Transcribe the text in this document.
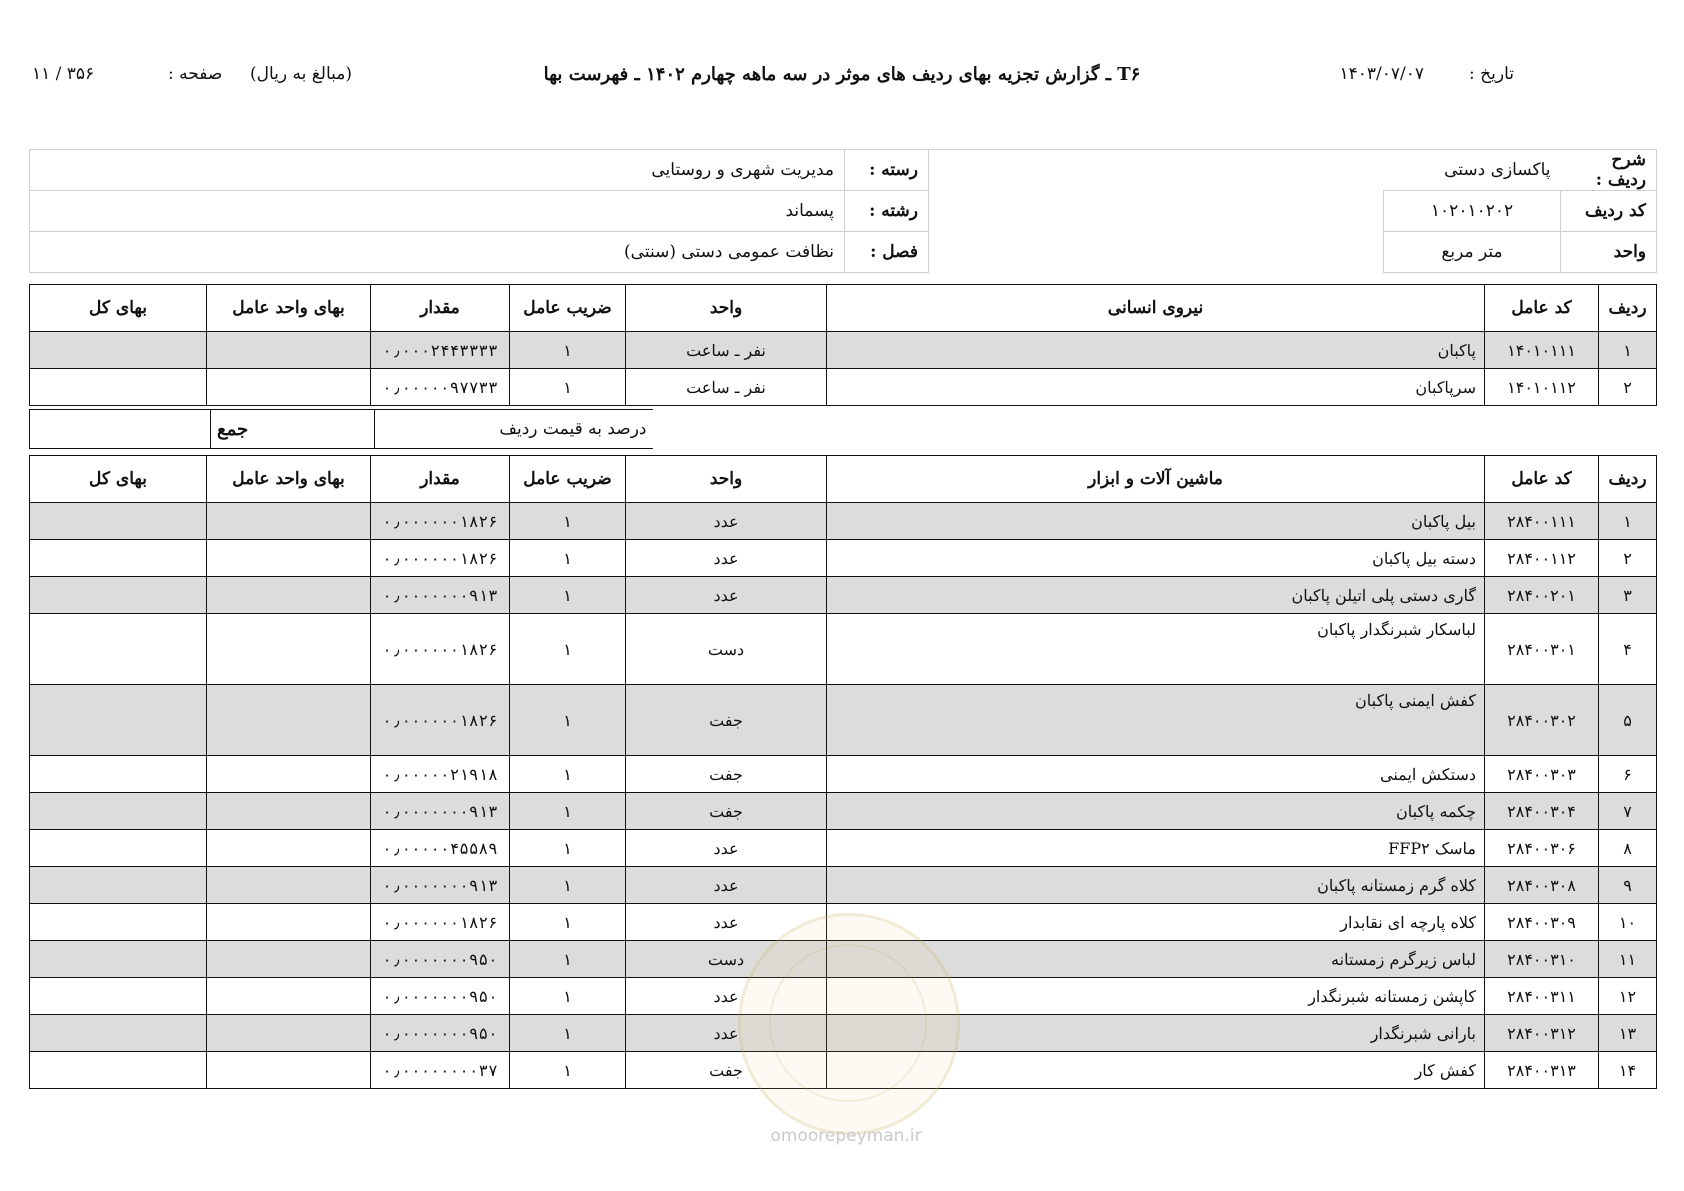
T۶ ـ گزارش تجزیه بهای ردیف های موثر در سه ماهه چهارم ۱۴۰۲ ـ فهرست بها	تاریخ :
۱۴۰۳/۰۷/۰۷
(مبالغ به ریال)
صفحه :
۱۱ / ۳۵۶
شرح ردیف :	پاکسازی دستی		رسته :	مدیریت شهری و روستایی
کد ردیف	۱۰۲۰۱۰۲۰۲		رشته :	پسماند
واحد	متر مربع		فصل :	نظافت عمومی دستی (سنتی)
ردیف	کد عامل	نیروی انسانی	واحد	ضریب عامل	مقدار	بهای واحد عامل	بهای کل
۱	۱۴۰۱۰۱۱۱	پاکبان	نفر ـ ساعت	۱	۰٫۰۰۰۲۴۴۳۳۳۳		
۲	۱۴۰۱۰۱۱۲	سرپاکبان	نفر ـ ساعت	۱	۰٫۰۰۰۰۰۹۷۷۳۳		
	جمع	درصد به قیمت ردیف
ردیف	کد عامل	ماشین آلات و ابزار	واحد	ضریب عامل	مقدار	بهای واحد عامل	بهای کل
۱	۲۸۴۰۰۱۱۱	بیل پاکبان	عدد	۱	۰٫۰۰۰۰۰۰۱۸۲۶		
۲	۲۸۴۰۰۱۱۲	دسته بیل پاکبان	عدد	۱	۰٫۰۰۰۰۰۰۱۸۲۶		
۳	۲۸۴۰۰۲۰۱	گاری دستی پلی اتیلن پاکبان	عدد	۱	۰٫۰۰۰۰۰۰۰۹۱۳		
۴	۲۸۴۰۰۳۰۱	لباسکار شبرنگدار پاکبان	دست	۱	۰٫۰۰۰۰۰۰۱۸۲۶		
۵	۲۸۴۰۰۳۰۲	کفش ایمنی پاکبان	جفت	۱	۰٫۰۰۰۰۰۰۱۸۲۶		
۶	۲۸۴۰۰۳۰۳	دستکش ایمنی	جفت	۱	۰٫۰۰۰۰۰۲۱۹۱۸		
۷	۲۸۴۰۰۳۰۴	چکمه پاکبان	جفت	۱	۰٫۰۰۰۰۰۰۰۹۱۳		
۸	۲۸۴۰۰۳۰۶	ماسک FFP۲	عدد	۱	۰٫۰۰۰۰۰۴۵۵۸۹		
۹	۲۸۴۰۰۳۰۸	کلاه گرم زمستانه پاکبان	عدد	۱	۰٫۰۰۰۰۰۰۰۹۱۳		
۱۰	۲۸۴۰۰۳۰۹	کلاه پارچه ای نقابدار	عدد	۱	۰٫۰۰۰۰۰۰۱۸۲۶		
۱۱	۲۸۴۰۰۳۱۰	لباس زیرگرم زمستانه	دست	۱	۰٫۰۰۰۰۰۰۰۹۵۰		
۱۲	۲۸۴۰۰۳۱۱	کاپشن زمستانه شبرنگدار	عدد	۱	۰٫۰۰۰۰۰۰۰۹۵۰		
۱۳	۲۸۴۰۰۳۱۲	بارانی شبرنگدار	عدد	۱	۰٫۰۰۰۰۰۰۰۹۵۰		
۱۴	۲۸۴۰۰۳۱۳	کفش کار	جفت	۱	۰٫۰۰۰۰۰۰۰۰۳۷		
omoorepeyman.ir
